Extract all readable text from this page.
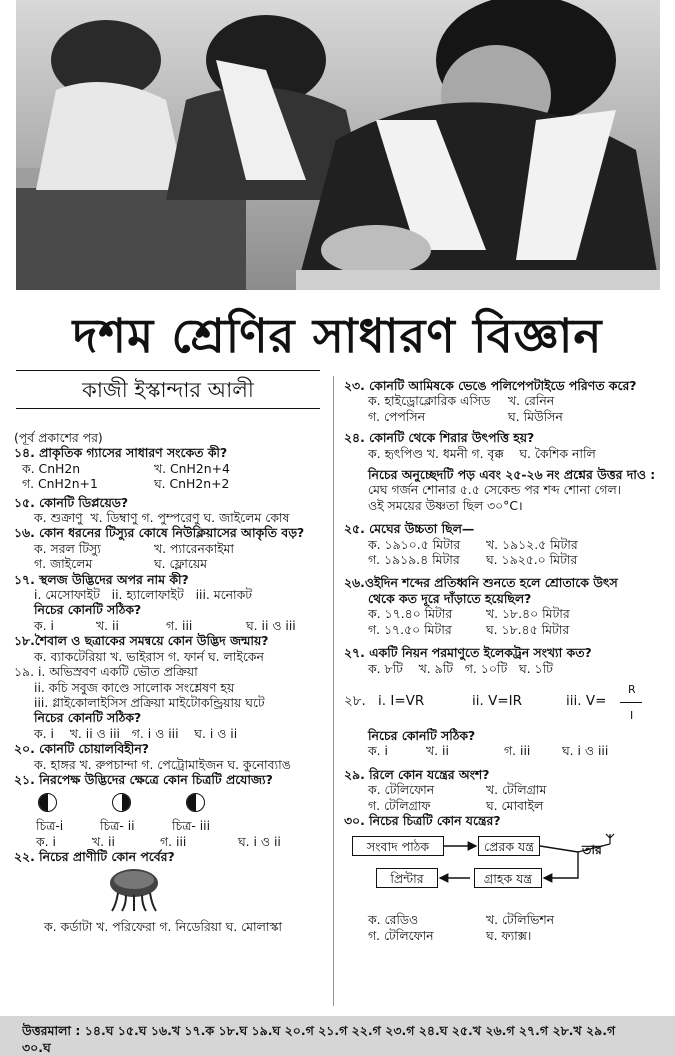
দশম শ্রেণির সাধারণ বিজ্ঞান
কাজী ইস্কান্দার আলী
(পূর্ব প্রকাশের পর)
১৪. প্রাকৃতিক গ্যাসের সাধারণ সংকেত কী?
ক. CnH2n	খ. CnH2n+4
গ. CnH2n+1	ঘ. CnH2n+2
১৫. কোনটি ডিপ্লয়েড?
ক. শুক্রাণু  খ. ডিম্বাণু গ. পুম্পরেণু ঘ. জাইলেম কোষ
১৬. কোন ধরনের টিস্যুর কোষে নিউক্লিয়াসের আকৃতি বড়?
ক. সরল টিস্যু	খ. প্যারেনকাইমা
গ. জাইলেম	ঘ. ফ্লোয়েম
১৭. স্থলজ উদ্ভিদের অপর নাম কী?
i. মেসোফাইট   ii. হ্যালোফাইট   iii. মনোকট
নিচের কোনটি সঠিক?
ক. i	খ. ii	গ. iii	ঘ. ii ও iii
১৮.শৈবাল ও ছত্রাকের সমন্বয়ে কোন উদ্ভিদ জন্মায়?
ক. ব্যাকটেরিয়া খ. ভাইরাস গ. ফার্ন ঘ. লাইকেন
১৯. i. অভিস্রবণ একটি ভৌত প্রক্রিয়া
ii. কচি সবুজ কাণ্ডে সালোক সংশ্লেষণ হয়
iii. গ্লাইকোলাইসিস প্রক্রিয়া মাইটোকন্ড্রিয়ায় ঘটে
নিচের কোনটি সঠিক?
ক. i    খ. ii ও iii   গ. i ও iii    ঘ. i ও ii
২০. কোনটি চোয়ালবিহীন?
ক. হাঙ্গর খ. রুপচান্দা গ. পেট্রোমাইজন ঘ. কুনোব্যাঙ
২১. নিরপেক্ষ উদ্ভিদের ক্ষেত্রে কোন চিত্রটি প্রযোজ্য?
চিত্র-i	চিত্র- ii	চিত্র- iii
ক. i	খ. ii	গ. iii	ঘ. i ও ii
২২. নিচের প্রাণীটি কোন পর্বের?
ক. কর্ডাটা খ. পরিফেরা গ. নিডেরিয়া ঘ. মোলাস্কা
২৩. কোনটি আমিষকে ভেঙে পলিপেপটাইডে পরিণত করে?
ক. হাইড্রোক্লোরিক এসিড	খ. রেনিন
গ. পেপসিন	ঘ. মিউসিন
২৪. কোনটি থেকে শিরার উৎপত্তি হয়?
ক. হৃৎপিণ্ড খ. ধমনী গ. বৃক্ক    ঘ. কৈশিক নালি
নিচের অনুচ্ছেদটি পড় এবং ২৫-২৬ নং প্রশ্নের উত্তর দাও :
মেঘ গর্জন শোনার ৫.৫ সেকেন্ড পর শব্দ শোনা গেল।
ওই সময়ের উষ্ণতা ছিল ৩০°C।
২৫. মেঘের উচ্চতা ছিল—
ক. ১৯১০.৫ মিটার	খ. ১৯১২.৫ মিটার
গ. ১৯১৯.৪ মিটার	ঘ. ১৯২৫.০ মিটার
২৬.ওইদিন শব্দের প্রতিধ্বনি শুনতে হলে শ্রোতাকে উৎস
থেকে কত দূরে দাঁড়াতে হয়েছিল?
ক. ১৭.৪০ মিটার	খ. ১৮.৪০ মিটার
গ. ১৭.৫০ মিটার	ঘ. ১৮.৪৫ মিটার
২৭. একটি নিয়ন পরমাণুতে ইলেকট্রন সংখ্যা কত?
ক. ৮টি    খ. ৯টি   গ. ১০টি   ঘ. ১টি
২৮. i. I=VR	ii. V=IR	iii. V=
R
I
নিচের কোনটি সঠিক?
ক. i	খ. ii	গ. iii	ঘ. i ও iii
২৯. রিলে কোন যন্ত্রের অংশ?
ক. টেলিফোন	খ. টেলিগ্রাম
গ. টেলিগ্রাফ	ঘ. মোবাইল
৩০. নিচের চিত্রটি কোন যন্ত্রের?
সংবাদ পাঠক	প্রেরক যন্ত্র	তার
গ্রাহক যন্ত্র
প্রিন্টার
ক. রেডিও	খ. টেলিভিশন
গ. টেলিফোন	ঘ. ফ্যাক্স।
উত্তরমালা : ১৪.ঘ ১৫.ঘ ১৬.খ ১৭.ক ১৮.ঘ ১৯.ঘ ২০.গ ২১.গ ২২.গ ২৩.গ ২৪.ঘ ২৫.খ ২৬.গ ২৭.গ ২৮.খ ২৯.গ
৩০.ঘ
